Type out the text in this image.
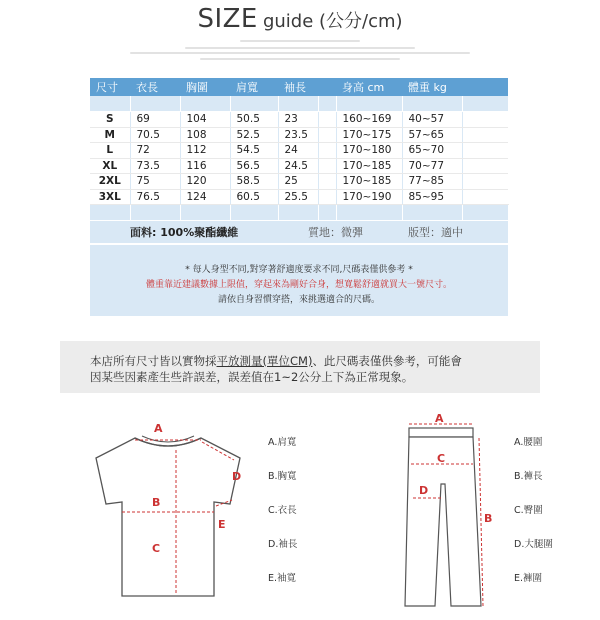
SIZE guide (公分/cm)
尺寸	衣長	胸圍	肩寬	袖長		身高 cm	體重 kg	

S	69	104	50.5	23		160~169	40~57	
M	70.5	108	52.5	23.5		170~175	57~65	
L	72	112	54.5	24		170~180	65~70	
XL	73.5	116	56.5	24.5		170~185	70~77	
2XL	75	120	58.5	25		170~185	77~85	
3XL	76.5	124	60.5	25.5		170~190	85~95	

面料: 100%聚酯纖維	質地：微彈	版型：適中
* 每人身型不同,對穿著舒適度要求不同,尺碼表僅供參考 *
體重靠近建議數據上限值，穿起來為剛好合身，想寬鬆舒適就買大一號尺寸。
請依自身習慣穿搭，來挑選適合的尺碼。
本店所有尺寸皆以實物採平放測量(單位CM)、此尺碼表僅供參考，可能會
因某些因素產生些許誤差，誤差值在1~2公分上下為正常現象。
A
B
C
D
E
A.肩寬
B.胸寬
C.衣長
D.袖長
E.袖寬
A
C
D
B
A.腰圍
B.褲長
C.臀圍
D.大腿圍
E.褲圍
